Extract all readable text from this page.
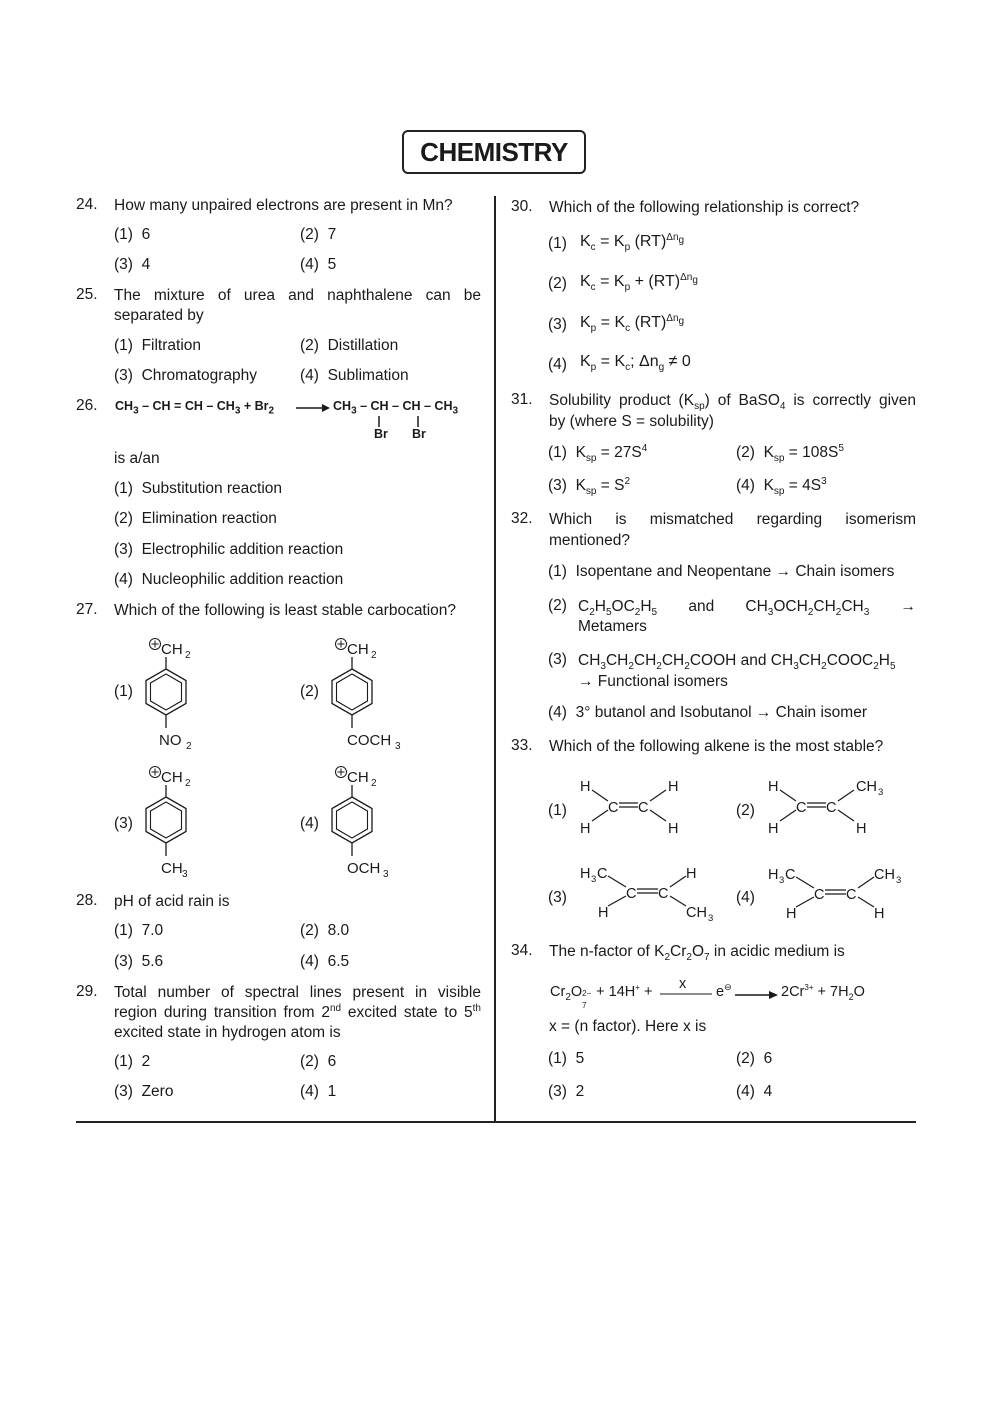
CHEMISTRY
24. How many unpaired electrons are present in Mn?
(1) 6	(2) 7
(3) 4	(4) 5
25. The mixture of urea and naphthalene can be
separated by
(1) Filtration	(2) Distillation
(3) Chromatography	(4) Sublimation
26. $CH_3$ – CH = CH – $CH_3 + Br_2$ →
$CH_3$ – CH – CH – $CH_3$
Br Br
is a/an
(1) Substitution reaction
(2) Elimination reaction
(3) Electrophilic addition reaction
(4) Nucleophilic addition reaction
27. Which of the following is least stable carbocation?
(1)
CH 2
NO 2
(2)
CH 2
COCH 3
(3)
CH 2
CH 3
(4)
CH 2
OCH 3
28. pH of acid rain is
(1) 7.0	(2) 8.0
(3) 5.6	(4) 6.5
29. Total number of spectral lines present in visible
region during transition from 2nd excited state to 5th
excited state in hydrogen atom is
(1) 2	(2) 6
(3) Zero	(4) 1
30. Which of the following relationship is correct?
(1) $K_c = K_p$ (RT)$^{\Delta n_g}$
(2) $K_c = K_p + (RT)^{\Delta n_g}$
(3) $K_p = K_c$ (RT)$^{\Delta n_g}$
(4) $K_p = K_c$; $\Delta n_g \ne 0$
31. Solubility product $(K_{sp})$ of BaSO$_4$ is correctly given
by (where S = solubility)
(1)  $K_{sp} = 27S^4$	(2)  $K_{sp} = 108S^5$
(3)  $K_{sp} = S^2$	(4)  $K_{sp} = 4S^3$
32. Which is mismatched regarding isomerism
mentioned?
(1) Isopentane and Neopentane → Chain isomers
(2) $C_2H_5OC_2H_5$ and $CH_3OCH_2CH_2CH_3$ →
Metamers
(3) $CH_3CH_2CH_2CH_2COOH$ and $CH_3CH_2COOC_2H_5$
→ Functional isomers
(4) 3° butanol and Isobutanol → Chain isomer
33. Which of the following alkene is the most stable?
(1)
H	H
H	H
C C	(2)
H	CH 3
H	H
C C
(3)
H 3 C	H
H	CH 3
C C	(4)
H 3 C	CH 3
H	H
C C
34. The n-factor of $K_2Cr_2O_7$ in acidic medium is
$Cr_2O$ 2−
7
+ 14H+ + x $e^⊖ \to 2Cr^{3+} + 7H_2O$
x = (n factor). Here x is
(1) 5	(2) 6
(3) 2	(4) 4
